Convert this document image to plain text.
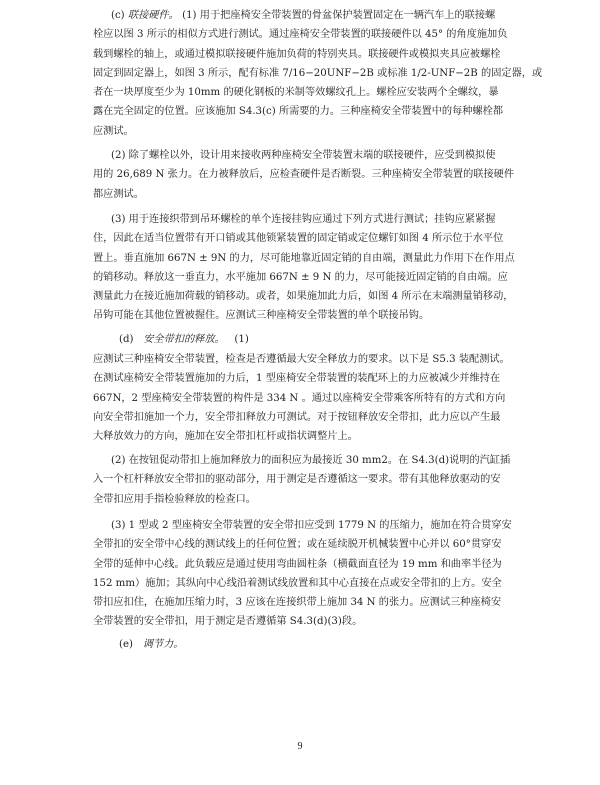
(c) 联接硬件。 (1) 用于把座椅安全带装置的骨盆保护装置固定在一辆汽车上的联接螺
栓应以图 3 所示的相似方式进行测试。通过座椅安全带装置的联接硬件以 45° 的角度施加负
载到螺栓的轴上，或通过模拟联接硬件施加负荷的特别夹具。联接硬件或模拟夹具应被螺栓
固定到固定器上，如图 3 所示，配有标准 7/16−20UNF−2B 或标准 1/2-UNF−2B 的固定器，或
者在一块厚度至少为 10mm 的硬化钢板的米制等效螺纹孔上。螺栓应安装两个全螺纹，暴
露在完全固定的位置。应该施加 S4.3(c) 所需要的力。三种座椅安全带装置中的每种螺栓都
应测试。
(2) 除了螺栓以外，设计用来接收两种座椅安全带装置末端的联接硬件，应受到模拟使
用的 26,689 N 张力。在力被释放后，应检查硬件是否断裂。三种座椅安全带装置的联接硬件
都应测试。
(3) 用于连接织带到吊环螺栓的单个连接挂钩应通过下列方式进行测试；挂钩应紧紧握
住，因此在适当位置带有开口销或其他锁紧装置的固定销或定位螺钉如图 4 所示位于水平位
置上。垂直施加 667N ± 9N 的力，尽可能地靠近固定销的自由端，测量此力作用下在作用点
的销移动。释放这一垂直力，水平施加 667N ± 9 N 的力，尽可能接近固定销的自由端。应
测量此力在接近施加荷载的销移动。或者，如果施加此力后，如图 4 所示在末端测量销移动，
吊钩可能在其他位置被握住。应测试三种座椅安全带装置的单个联接吊钩。
(d) 安全带扣的释放。 (1)
应测试三种座椅安全带装置，检查是否遵循最大安全释放力的要求。以下是 S5.3 装配测试。
在测试座椅安全带装置施加的力后，1 型座椅安全带装置的装配环上的力应被减少并维持在
667N，2 型座椅安全带装置的构件是 334 N 。通过以座椅安全带乘客所特有的方式和方向
向安全带扣施加一个力，安全带扣释放力可测试。对于按钮释放安全带扣，此力应以产生最
大释放效力的方向，施加在安全带扣杠杆或指状调整片上。
(2) 在按钮促动带扣上施加释放力的面积应为最接近 30 mm2。在 S4.3(d)说明的汽缸插
入一个杠杆释放安全带扣的驱动部分，用于测定是否遵循这一要求。带有其他释放驱动的安
全带扣应用手指检验释放的检查口。
(3) 1 型或 2 型座椅安全带装置的安全带扣应受到 1779 N 的压缩力，施加在符合贯穿安
全带扣的安全带中心线的测试线上的任何位置；或在延续脱开机械装置中心并以 60°贯穿安
全带的延伸中心线。此负载应是通过使用弯曲圆柱条（横截面直径为 19 mm 和曲率半径为
152 mm）施加；其纵向中心线沿着测试线放置和其中心直接在点或安全带扣的上方。安全
带扣应扣住，在施加压缩力时，3 应该在连接织带上施加 34 N 的张力。应测试三种座椅安
全带装置的安全带扣，用于测定是否遵循第 S4.3(d)(3)段。
(e) 调节力。
9
